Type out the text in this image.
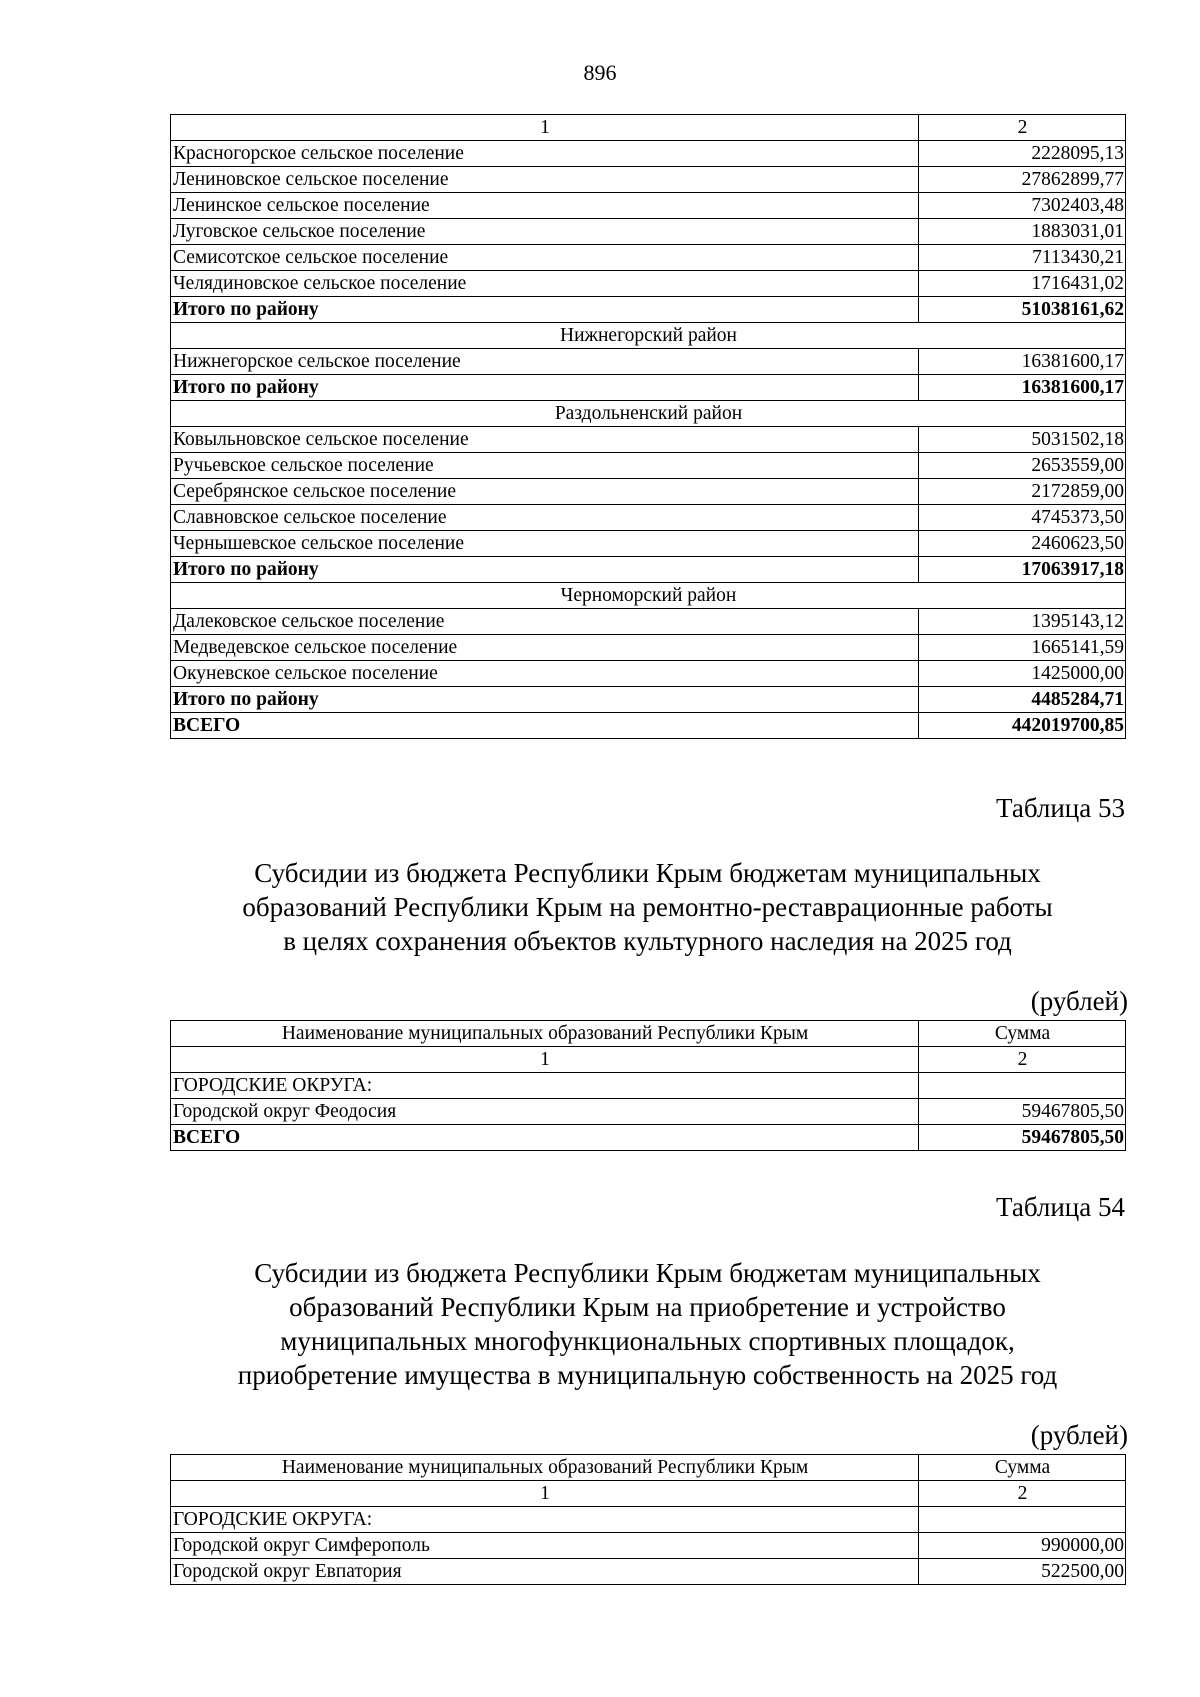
896
1	2
Красногорское сельское поселение	2228095,13
Лениновское сельское поселение	27862899,77
Ленинское сельское поселение	7302403,48
Луговское сельское поселение	1883031,01
Семисотское сельское поселение	7113430,21
Челядиновское сельское поселение	1716431,02
Итого по району	51038161,62
Нижнегорский район	
Нижнегорское сельское поселение	16381600,17
Итого по району	16381600,17
Раздольненский район	
Ковыльновское сельское поселение	5031502,18
Ручьевское сельское поселение	2653559,00
Серебрянское сельское поселение	2172859,00
Славновское сельское поселение	4745373,50
Чернышевское сельское поселение	2460623,50
Итого по району	17063917,18
Черноморский район	
Далековское сельское поселение	1395143,12
Медведевское сельское поселение	1665141,59
Окуневское сельское поселение	1425000,00
Итого по району	4485284,71
ВСЕГО	442019700,85
Таблица 53
Субсидии из бюджета Республики Крым бюджетам муниципальных
образований Республики Крым на ремонтно-реставрационные работы
в целях сохранения объектов культурного наследия на 2025 год
(рублей)
Наименование муниципальных образований Республики Крым	Сумма
1	2
ГОРОДСКИЕ ОКРУГА:	
Городской округ Феодосия	59467805,50
ВСЕГО	59467805,50
Таблица 54
Субсидии из бюджета Республики Крым бюджетам муниципальных
образований Республики Крым на приобретение и устройство
муниципальных многофункциональных спортивных площадок,
приобретение имущества в муниципальную собственность на 2025 год
(рублей)
Наименование муниципальных образований Республики Крым	Сумма
1	2
ГОРОДСКИЕ ОКРУГА:	
Городской округ Симферополь	990000,00
Городской округ Евпатория	522500,00
